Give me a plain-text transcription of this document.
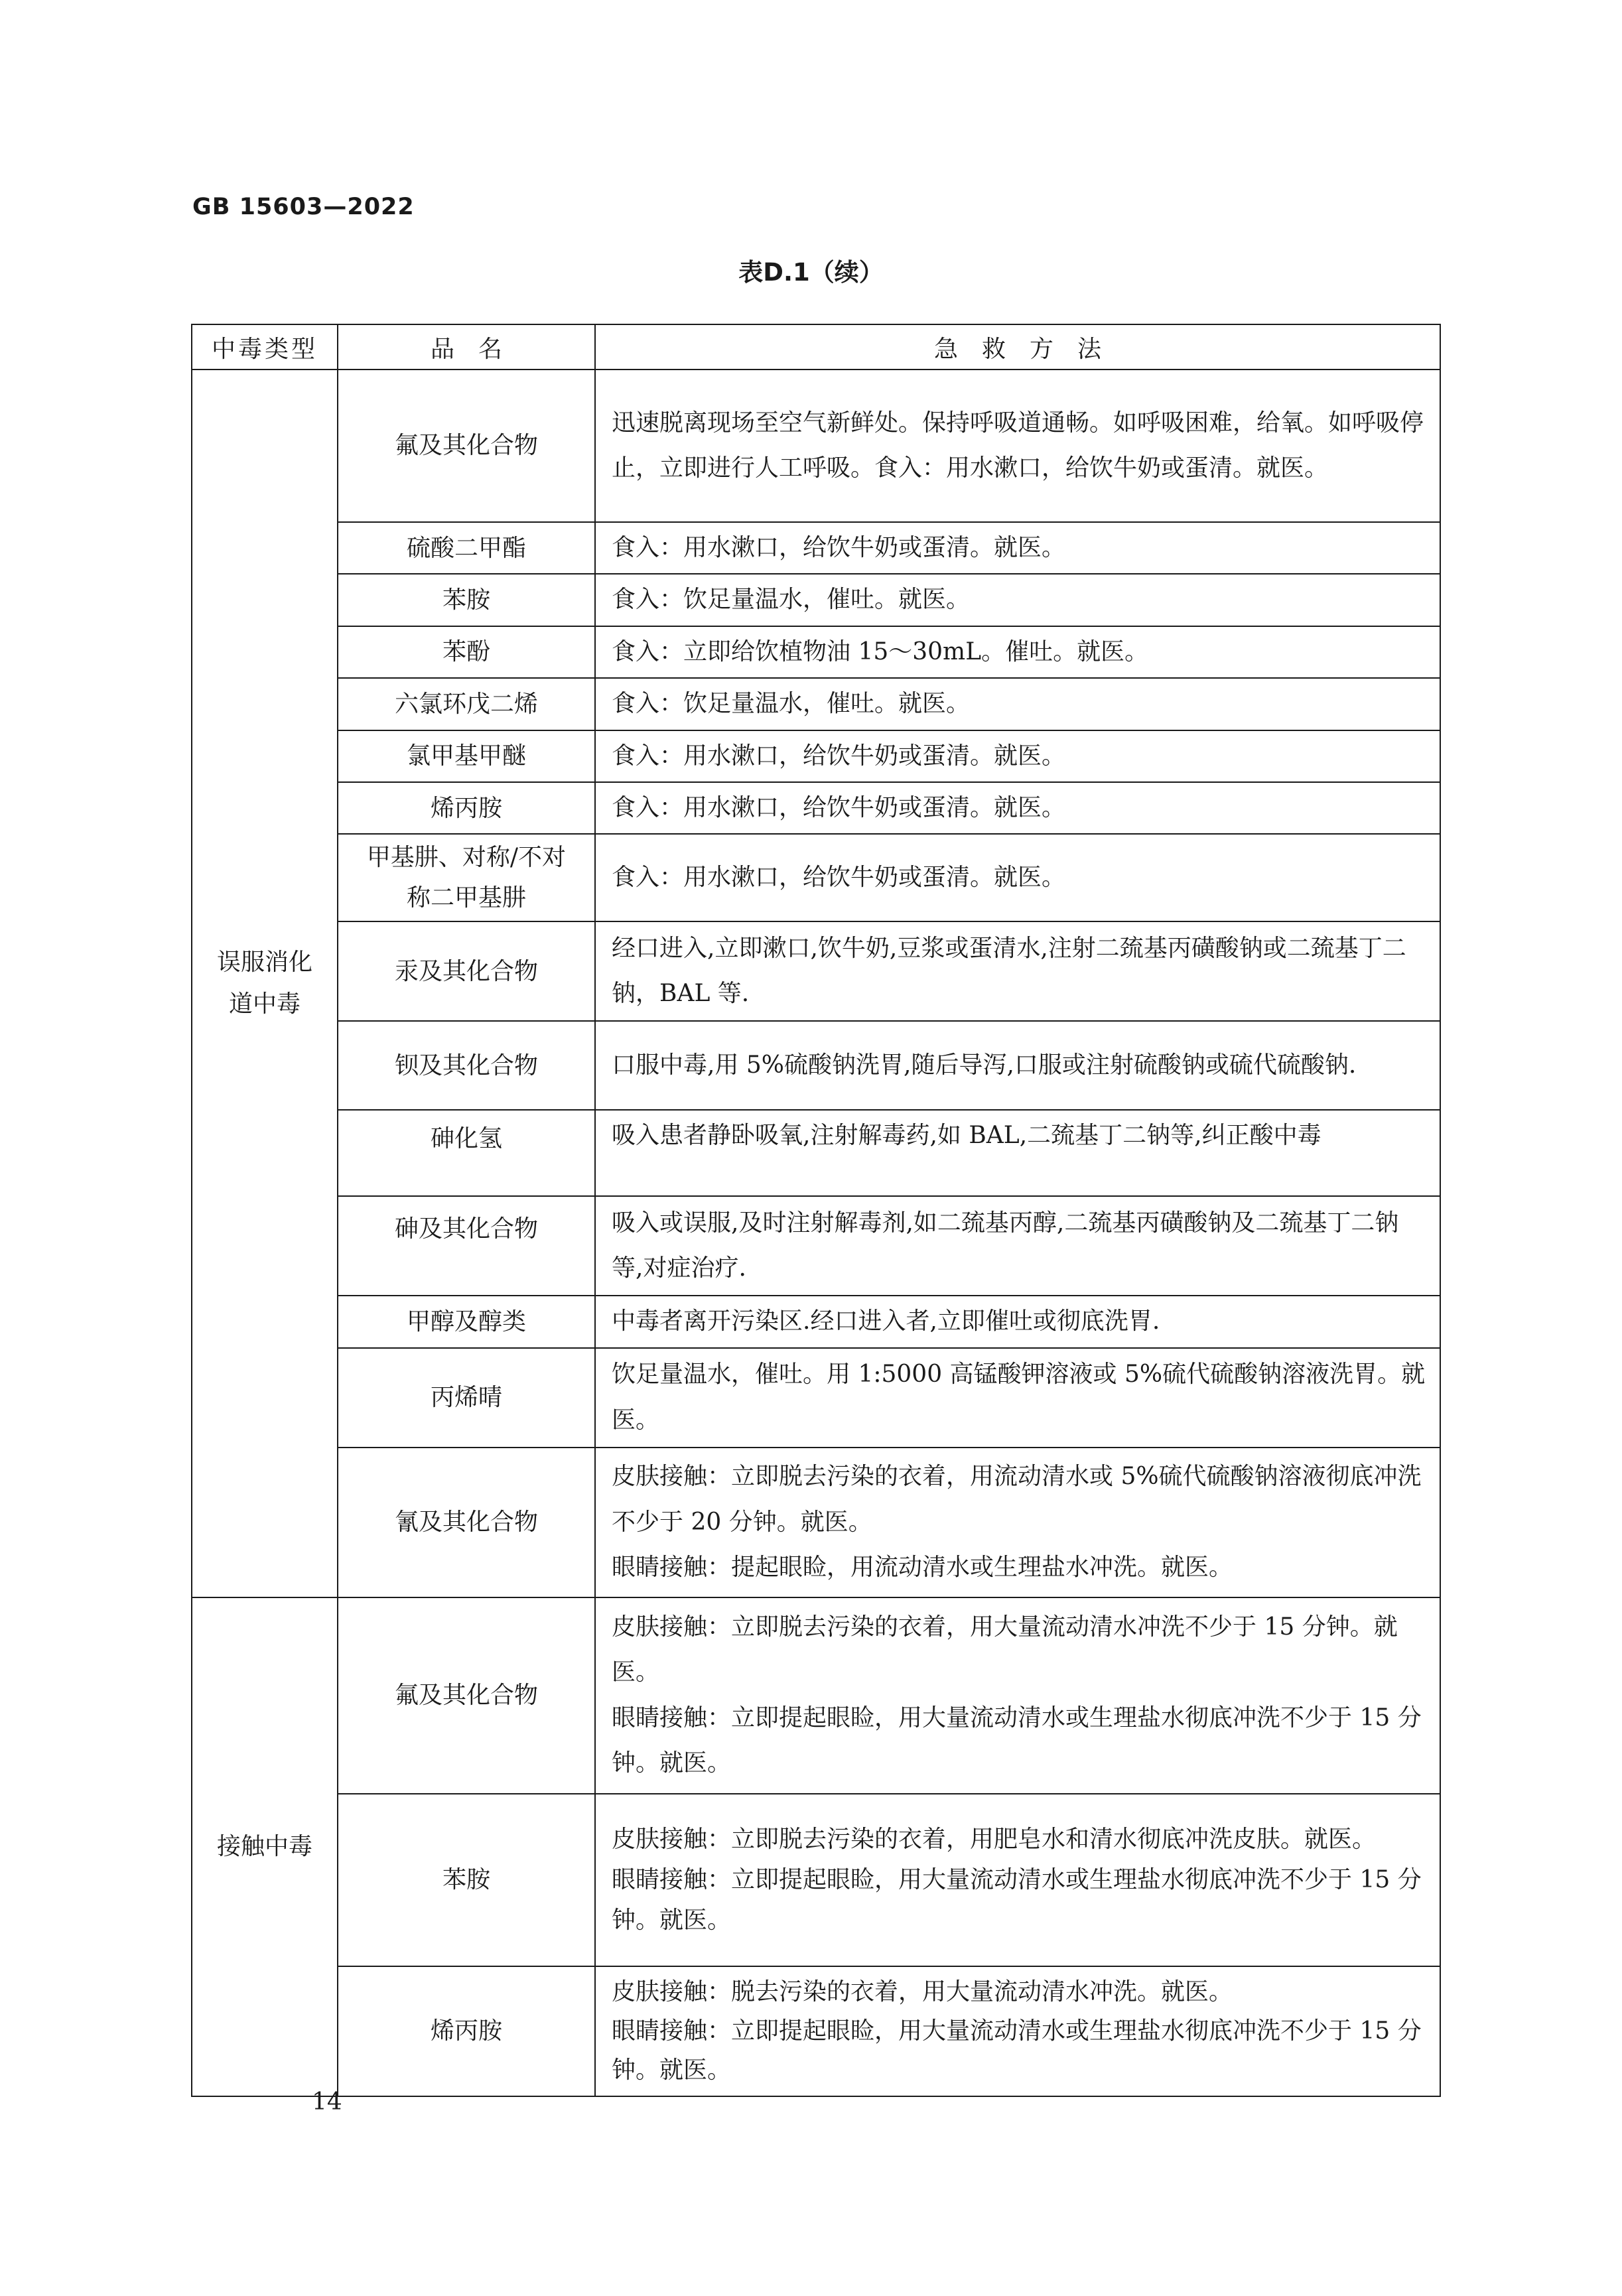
GB 15603—2022
表D.1（续）
中毒类型	品　名	急　救　方　法

误服消化道中毒	氟及其化合物	迅速脱离现场至空气新鲜处。保持呼吸道通畅。如呼吸困难，给氧。如呼吸停止，立即进行人工呼吸。食入：用水漱口，给饮牛奶或蛋清。就医。

	硫酸二甲酯	食入：用水漱口，给饮牛奶或蛋清。就医。

	苯胺	食入：饮足量温水，催吐。就医。

	苯酚	食入：立即给饮植物油 15～30mL。催吐。就医。

	六氯环戊二烯	食入：饮足量温水，催吐。就医。

	氯甲基甲醚	食入：用水漱口，给饮牛奶或蛋清。就医。

	烯丙胺	食入：用水漱口，给饮牛奶或蛋清。就医。

	甲基肼、对称/不对称二甲基肼	食入：用水漱口，给饮牛奶或蛋清。就医。

	汞及其化合物	经口进入,立即漱口,饮牛奶,豆浆或蛋清水,注射二巯基丙磺酸钠或二巯基丁二钠，BAL 等.

	钡及其化合物	口服中毒,用 5%硫酸钠洗胃,随后导泻,口服或注射硫酸钠或硫代硫酸钠.

	砷化氢	吸入患者静卧吸氧,注射解毒药,如 BAL,二巯基丁二钠等,纠正酸中毒

	砷及其化合物	吸入或误服,及时注射解毒剂,如二巯基丙醇,二巯基丙磺酸钠及二巯基丁二钠等,对症治疗.

	甲醇及醇类	中毒者离开污染区.经口进入者,立即催吐或彻底洗胃.

	丙烯晴	饮足量温水，催吐。用 1:5000 高锰酸钾溶液或 5%硫代硫酸钠溶液洗胃。就医。

	氰及其化合物	皮肤接触：立即脱去污染的衣着，用流动清水或 5%硫代硫酸钠溶液彻底冲洗不少于 20 分钟。就医。
眼睛接触：提起眼睑，用流动清水或生理盐水冲洗。就医。

接触中毒	氟及其化合物	皮肤接触：立即脱去污染的衣着，用大量流动清水冲洗不少于 15 分钟。就医。
眼睛接触：立即提起眼睑，用大量流动清水或生理盐水彻底冲洗不少于 15 分钟。就医。

	苯胺	皮肤接触：立即脱去污染的衣着，用肥皂水和清水彻底冲洗皮肤。就医。
眼睛接触：立即提起眼睑，用大量流动清水或生理盐水彻底冲洗不少于 15 分钟。就医。

	烯丙胺	皮肤接触：脱去污染的衣着，用大量流动清水冲洗。就医。
眼睛接触：立即提起眼睑，用大量流动清水或生理盐水彻底冲洗不少于 15 分钟。就医。
14
